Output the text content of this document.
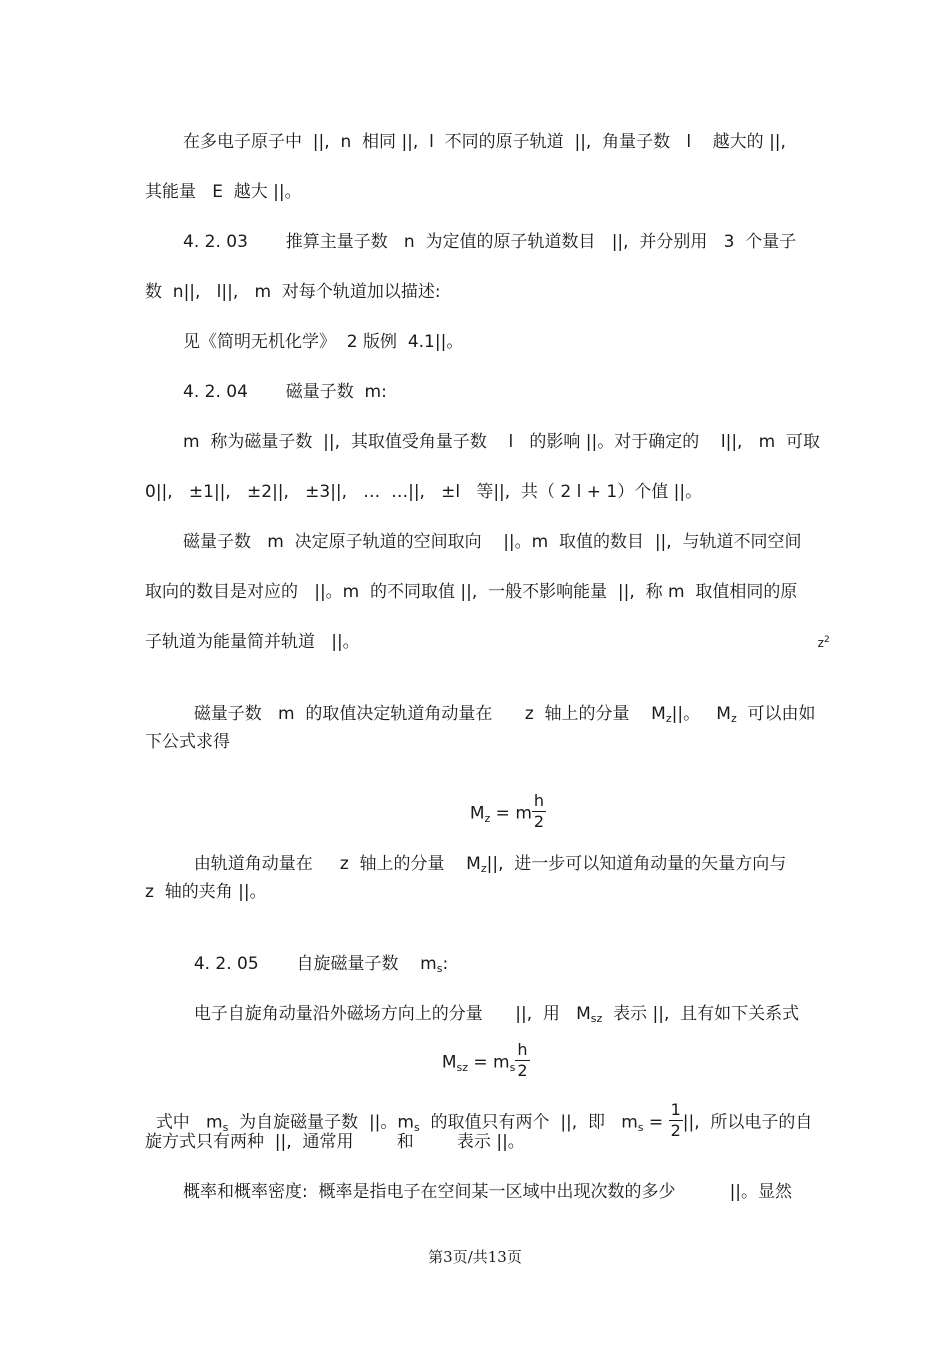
在多电子原子中  ||,  n  相同 ||,  l  不同的原子轨道  ||,  角量子数   l    越大的 ||,
其能量   E  越大 ||。
4. 2. 03       推算主量子数   n  为定值的原子轨道数目   ||,  并分别用   3  个量子
数  n||,   l||,   m  对每个轨道加以描述:
见《简明无机化学》  2 版例  4.1||。
4. 2. 04       磁量子数  m:
m  称为磁量子数  ||,  其取值受角量子数    l   的影响 ||。对于确定的    l||,   m  可取
0||,   ±1||,   ±2||,   ±3||,   …  …||,   ±l   等||,  共（ 2 l + 1）个值 ||。
磁量子数   m  决定原子轨道的空间取向    ||。m  取值的数目  ||,  与轨道不同空间
取向的数目是对应的   ||。m  的不同取值 ||,  一般不影响能量  ||,  称 m  取值相同的原

$z^2$

子轨道为能量简并轨道   ||。

磁量子数   m  的取值决定轨道角动量在      z  轴上的分量    Mz||。   Mz  可以由如

下公式求得

Mz = m $\frac{h}{2}$

由轨道角动量在     z  轴上的分量    Mz||,  进一步可以知道角动量的矢量方向与

z  轴的夹角 ||。

4. 2. 05       自旋磁量子数    ms:

电子自旋角动量沿外磁场方向上的分量      ||,  用   Msz  表示 ||,  且有如下关系式

Msz = ms $\frac{h}{2}$

式中   ms  为自旋磁量子数  ||。ms  的取值只有两个  ||,  即   ms = $\frac{1}{2}$ ||,  所以电子的自

旋方式只有两种  ||,  通常用        和        表示 ||。
概率和概率密度:  概率是指电子在空间某一区域中出现次数的多少          ||。显然
第3页/共13页
